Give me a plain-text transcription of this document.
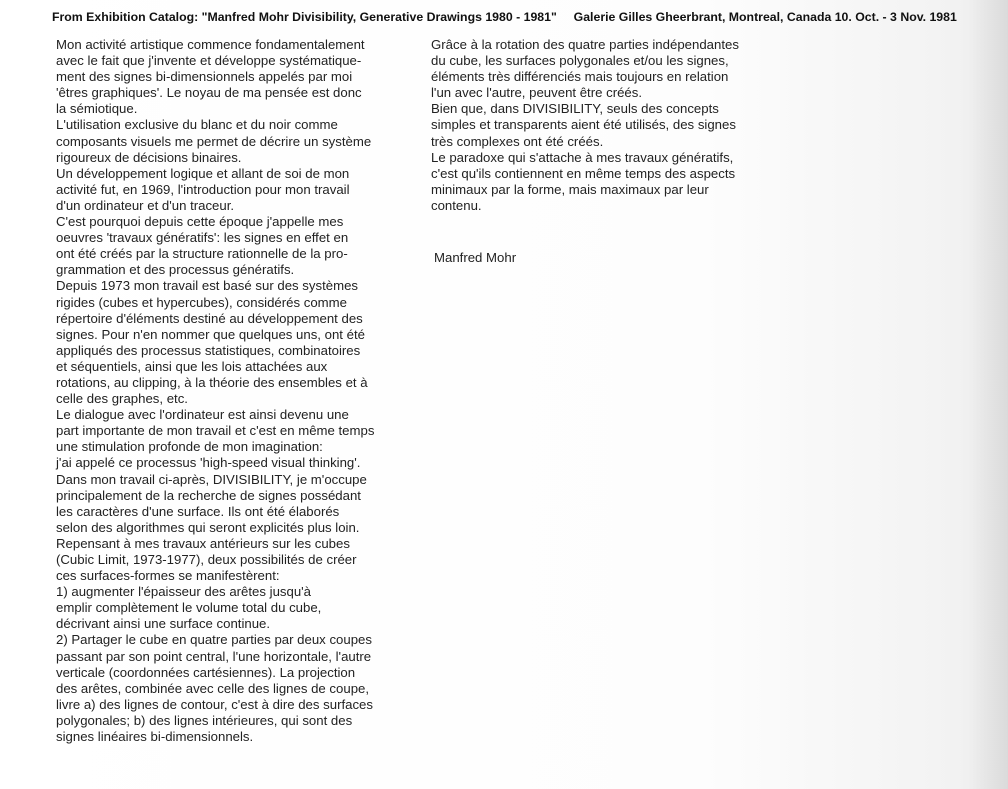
From Exhibition Catalog: "Manfred Mohr Divisibility, Generative Drawings 1980 - 1981" Galerie Gilles Gheerbrant, Montreal, Canada 10. Oct. - 3 Nov. 1981
Mon activité artistique commence fondamentalement
avec le fait que j'invente et développe systématique-
ment des signes bi-dimensionnels appelés par moi
'êtres graphiques'. Le noyau de ma pensée est donc
la sémiotique.
L'utilisation exclusive du blanc et du noir comme
composants visuels me permet de décrire un système
rigoureux de décisions binaires.
Un développement logique et allant de soi de mon
activité fut, en 1969, l'introduction pour mon travail
d'un ordinateur et d'un traceur.
C'est pourquoi depuis cette époque j'appelle mes
oeuvres 'travaux génératifs': les signes en effet en
ont été créés par la structure rationnelle de la pro-
grammation et des processus génératifs.
Depuis 1973 mon travail est basé sur des systèmes
rigides (cubes et hypercubes), considérés comme
répertoire d'éléments destiné au développement des
signes. Pour n'en nommer que quelques uns, ont été
appliqués des processus statistiques, combinatoires
et séquentiels, ainsi que les lois attachées aux
rotations, au clipping, à la théorie des ensembles et à
celle des graphes, etc.
Le dialogue avec l'ordinateur est ainsi devenu une
part importante de mon travail et c'est en même temps
une stimulation profonde de mon imagination:
j'ai appelé ce processus 'high-speed visual thinking'.
Dans mon travail ci-après, DIVISIBILITY, je m'occupe
principalement de la recherche de signes possédant
les caractères d'une surface. Ils ont été élaborés
selon des algorithmes qui seront explicités plus loin.
Repensant à mes travaux antérieurs sur les cubes
(Cubic Limit, 1973-1977), deux possibilités de créer
ces surfaces-formes se manifestèrent:
1) augmenter l'épaisseur des arêtes jusqu'à
emplir complètement le volume total du cube,
décrivant ainsi une surface continue.
2) Partager le cube en quatre parties par deux coupes
passant par son point central, l'une horizontale, l'autre
verticale (coordonnées cartésiennes). La projection
des arêtes, combinée avec celle des lignes de coupe,
livre a) des lignes de contour, c'est à dire des surfaces
polygonales; b) des lignes intérieures, qui sont des
signes linéaires bi-dimensionnels.
Grâce à la rotation des quatre parties indépendantes
du cube, les surfaces polygonales et/ou les signes,
éléments très différenciés mais toujours en relation
l'un avec l'autre, peuvent être créés.
Bien que, dans DIVISIBILITY, seuls des concepts
simples et transparents aient été utilisés, des signes
très complexes ont été créés.
Le paradoxe qui s'attache à mes travaux génératifs,
c'est qu'ils contiennent en même temps des aspects
minimaux par la forme, mais maximaux par leur
contenu.
Manfred Mohr
